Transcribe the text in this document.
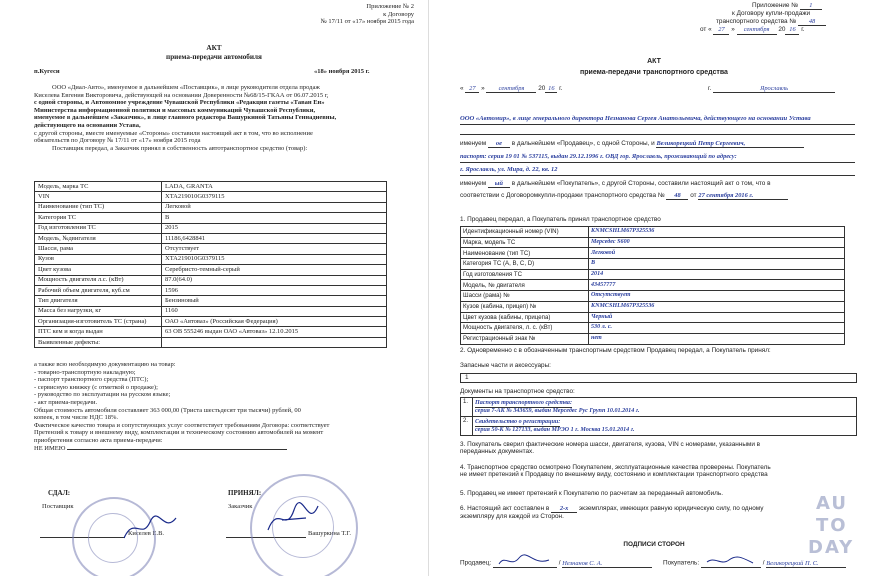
Приложение № 2
к Договору
№ 17/11 от «17» ноября 2015 года
АКТ
приема-передачи автомобиля
п.Кугеси	«18» ноября 2015 г.
ООО «Диал-Авто», именуемое в дальнейшем «Поставщик», в лице руководителя отдела продаж
Киселева Евгения Викторовича, действующей на основании Доверенности №68/15-ГКАА от 06.07.2015 г,
с одной стороны, и Автономное учреждение Чувашской Республики «Редакция газеты «Таван Ен»
Министерства информационной политики и массовых коммуникаций Чувашской Республики,
именуемое в дальнейшем «Заказчик», в лице главного редактора Вашуркиной Татьяны Геннадиевны,
действующего на основании Устава,
с другой стороны, вместе именуемые «Стороны» составили настоящий акт в том, что во исполнение
обязательств по Договору № 17/11 от «17» ноября 2015 года
Поставщик передал, а Заказчик принял в собственность автотранспортное средство (товар):
Модель, марка ТС	LADA, GRANTA
VIN	XTA219010G0379115
Наименование (тип ТС)	Легковой
Категория ТС	В
Год изготовления ТС	2015
Модель, №двигателя	11186,6428841
Шасси, рама	Отсутствует
Кузов	XTA219010G0379115
Цвет кузова	Серебристо-темный-серый
Мощность двигателя л.с. (кВт)	87.0(64.0)
Рабочий объем двигателя, куб.см	1596
Тип двигателя	Бензиновый
Масса без нагрузки, кг	1160
Организация-изготовитель ТС (страна)	ОАО «Автоваз» (Российская Федерация)
ПТС кем и когда выдан	63 ОВ 555246 выдан ОАО «Автоваз» 12.10.2015
Выявленные дефекты:	
а также всю необходимую документацию на товар:
- товарно-транспортную накладную;
- паспорт транспортного средства (ПТС);
- сервисную книжку (с отметкой о продаже);
- руководство по эксплуатации на русском языке;
- акт приема-передачи.
Общая стоимость автомобиля составляет 363 000,00 (Триста шестьдесят три тысячи) рублей, 00
копеек, в том числе НДС 18%.
Фактическое качество товара и сопутствующих услуг соответствует требованиям Договора: соответствует
Претензий к товару и внешнему виду, комплектации и техническому состоянию автомобилей на момент
приобретения согласно акта приема-передачи:
НЕ ИМЕЮ
СДАЛ:
Поставщик
Киселев Е.В.
ПРИНЯЛ:
Заказчик
Вашуркина Т.Г.
Приложение № 1
к Договору купли-продажи
транспортного средства № 48
от « 27 » сентября 20 16 г.
АКТ
приема-передачи транспортного средства
« 27 » сентября 20 16 г.	г.	Ярославль
ООО «Автомир», в лице генерального директора Незнанова Сергея Анатольевича, действующего на основании Устава
именуем ое в дальнейшем «Продавец», с одной Стороны, и Великорецкий Петр Сергеевич,
паспорт: серия 19 01 № 537115, выдан 29.12.1996 г. ОВД гор. Ярославль, проживающий по адресу:
г. Ярославль, ул. Мира, д. 22, кв. 12
именуем ый в дальнейшем «Покупатель», с другой Стороны, составили настоящий акт о том, что в
соответствии с Договоромкупли-продажи транспортного средства № 48 от 27 сентября 2016 г.
1. Продавец передал, а Покупатель принял транспортное средство
Идентификационный номер (VIN)	KNMCSHLM67P325536
Марка, модель ТС	Мерседес S600
Наименование (тип ТС)	Легковой
Категория ТС (A, B, C, D)	В
Год изготовления ТС	2014
Модель, № двигателя	43457777
Шасси (рама) №	Отсутствует
Кузов (кабина, прицеп) №	KNMCSHLM67P325536
Цвет кузова (кабины, прицепа)	Черный
Мощность двигателя, л. с. (кВт)	530 л. с.
Регистрационный знак №	нет
2. Одновременно с в обозначенным транспортным средством Продавец передал, а Покупатель принял:
Запасные части и аксессуары:
1
Документы на транспортное средство:
1.	Паспорт транспортного средства:
серия 7-АК № 343659, выдан Мерседес Рус Групп 10.01.2014 г.

2.	Свидетельство о регистрации:
серия 50-К № 127133, выдан МРЭО 1 г. Москва 15.01.2014 г.
3. Покупатель сверил фактические номера шасси, двигателя, кузова, VIN с номерами, указанными в
переданных документах.
4. Транспортное средство осмотрено Покупателем, эксплуатационные качества проверены. Покупатель
не имеет претензий к Продавцу по внешнему виду, состоянию и комплектации транспортного средства
5. Продавец не имеет претензий к Покупателю по расчетам за переданный автомобиль.
6. Настоящий акт составлен в 2-х экземплярах, имеющих равную юридическую силу, по одному
экземпляру для каждой из Сторон.
ПОДПИСИ СТОРОН
Продавец:	/ Незнанов С. А.	Покупатель:	/ Великорецкий П. С.
AU
TO
DAY
